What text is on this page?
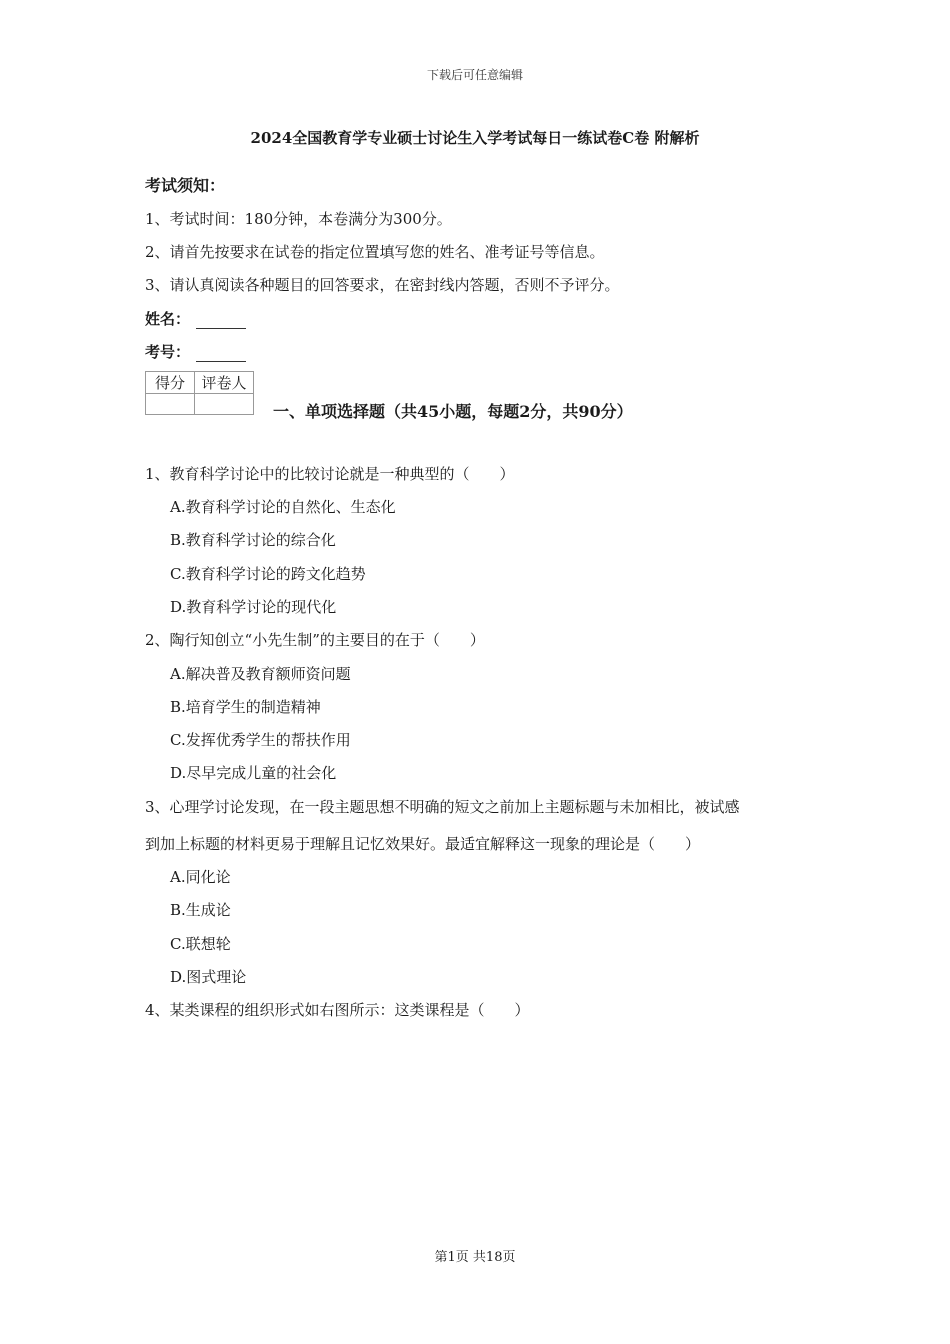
下载后可任意编辑
2024全国教育学专业硕士讨论生入学考试每日一练试卷C卷 附解析
考试须知：
1、考试时间：180分钟，本卷满分为300分。
2、请首先按要求在试卷的指定位置填写您的姓名、准考证号等信息。
3、请认真阅读各种题目的回答要求，在密封线内答题，否则不予评分。
姓名：
考号：
得分	评卷人

一、单项选择题（共45小题，每题2分，共90分）
1、教育科学讨论中的比较讨论就是一种典型的（　　）
A.教育科学讨论的自然化、生态化
B.教育科学讨论的综合化
C.教育科学讨论的跨文化趋势
D.教育科学讨论的现代化
2、陶行知创立“小先生制”的主要目的在于（　　）
A.解决普及教育额师资问题
B.培育学生的制造精神
C.发挥优秀学生的帮扶作用
D.尽早完成儿童的社会化
3、心理学讨论发现，在一段主题思想不明确的短文之前加上主题标题与未加相比，被试感
到加上标题的材料更易于理解且记忆效果好。最适宜解释这一现象的理论是（　　）
A.同化论
B.生成论
C.联想轮
D.图式理论
4、某类课程的组织形式如右图所示：这类课程是（　　）
第1页 共18页
